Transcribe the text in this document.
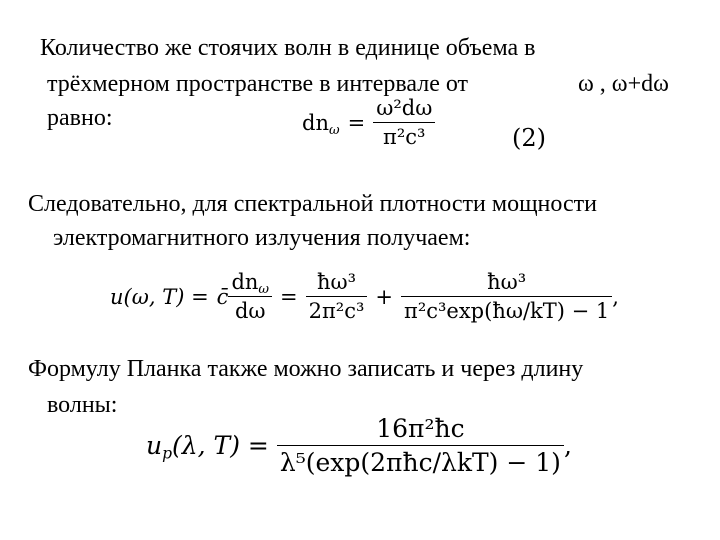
Количество же стоячих волн в единице объема в
трёхмерном пространстве в интервале от	ω , ω+dω
равно:	$dn_\omega = \frac{\text{ω²dω}}{\text{π²c³}}$	(2)
Следовательно, для спектральной плотности мощности
электромагнитного излучения получаем:
u(ω, T) = c̄ $\frac{dn_\omega}{d\omega} = \frac{\text{ħω³}}{\text{2π²c³}} + \frac{\text{ħω³}}{\text{π²c³exp(ħω/kT) − 1}}$ ,
Формулу Планка также можно записать и через длину
волны:
$u_p(\lambda$, $T) = \frac{\text{16π²ħc}}{\text{λ⁵(exp(2πħc/λkT) − 1)}}$ ,
